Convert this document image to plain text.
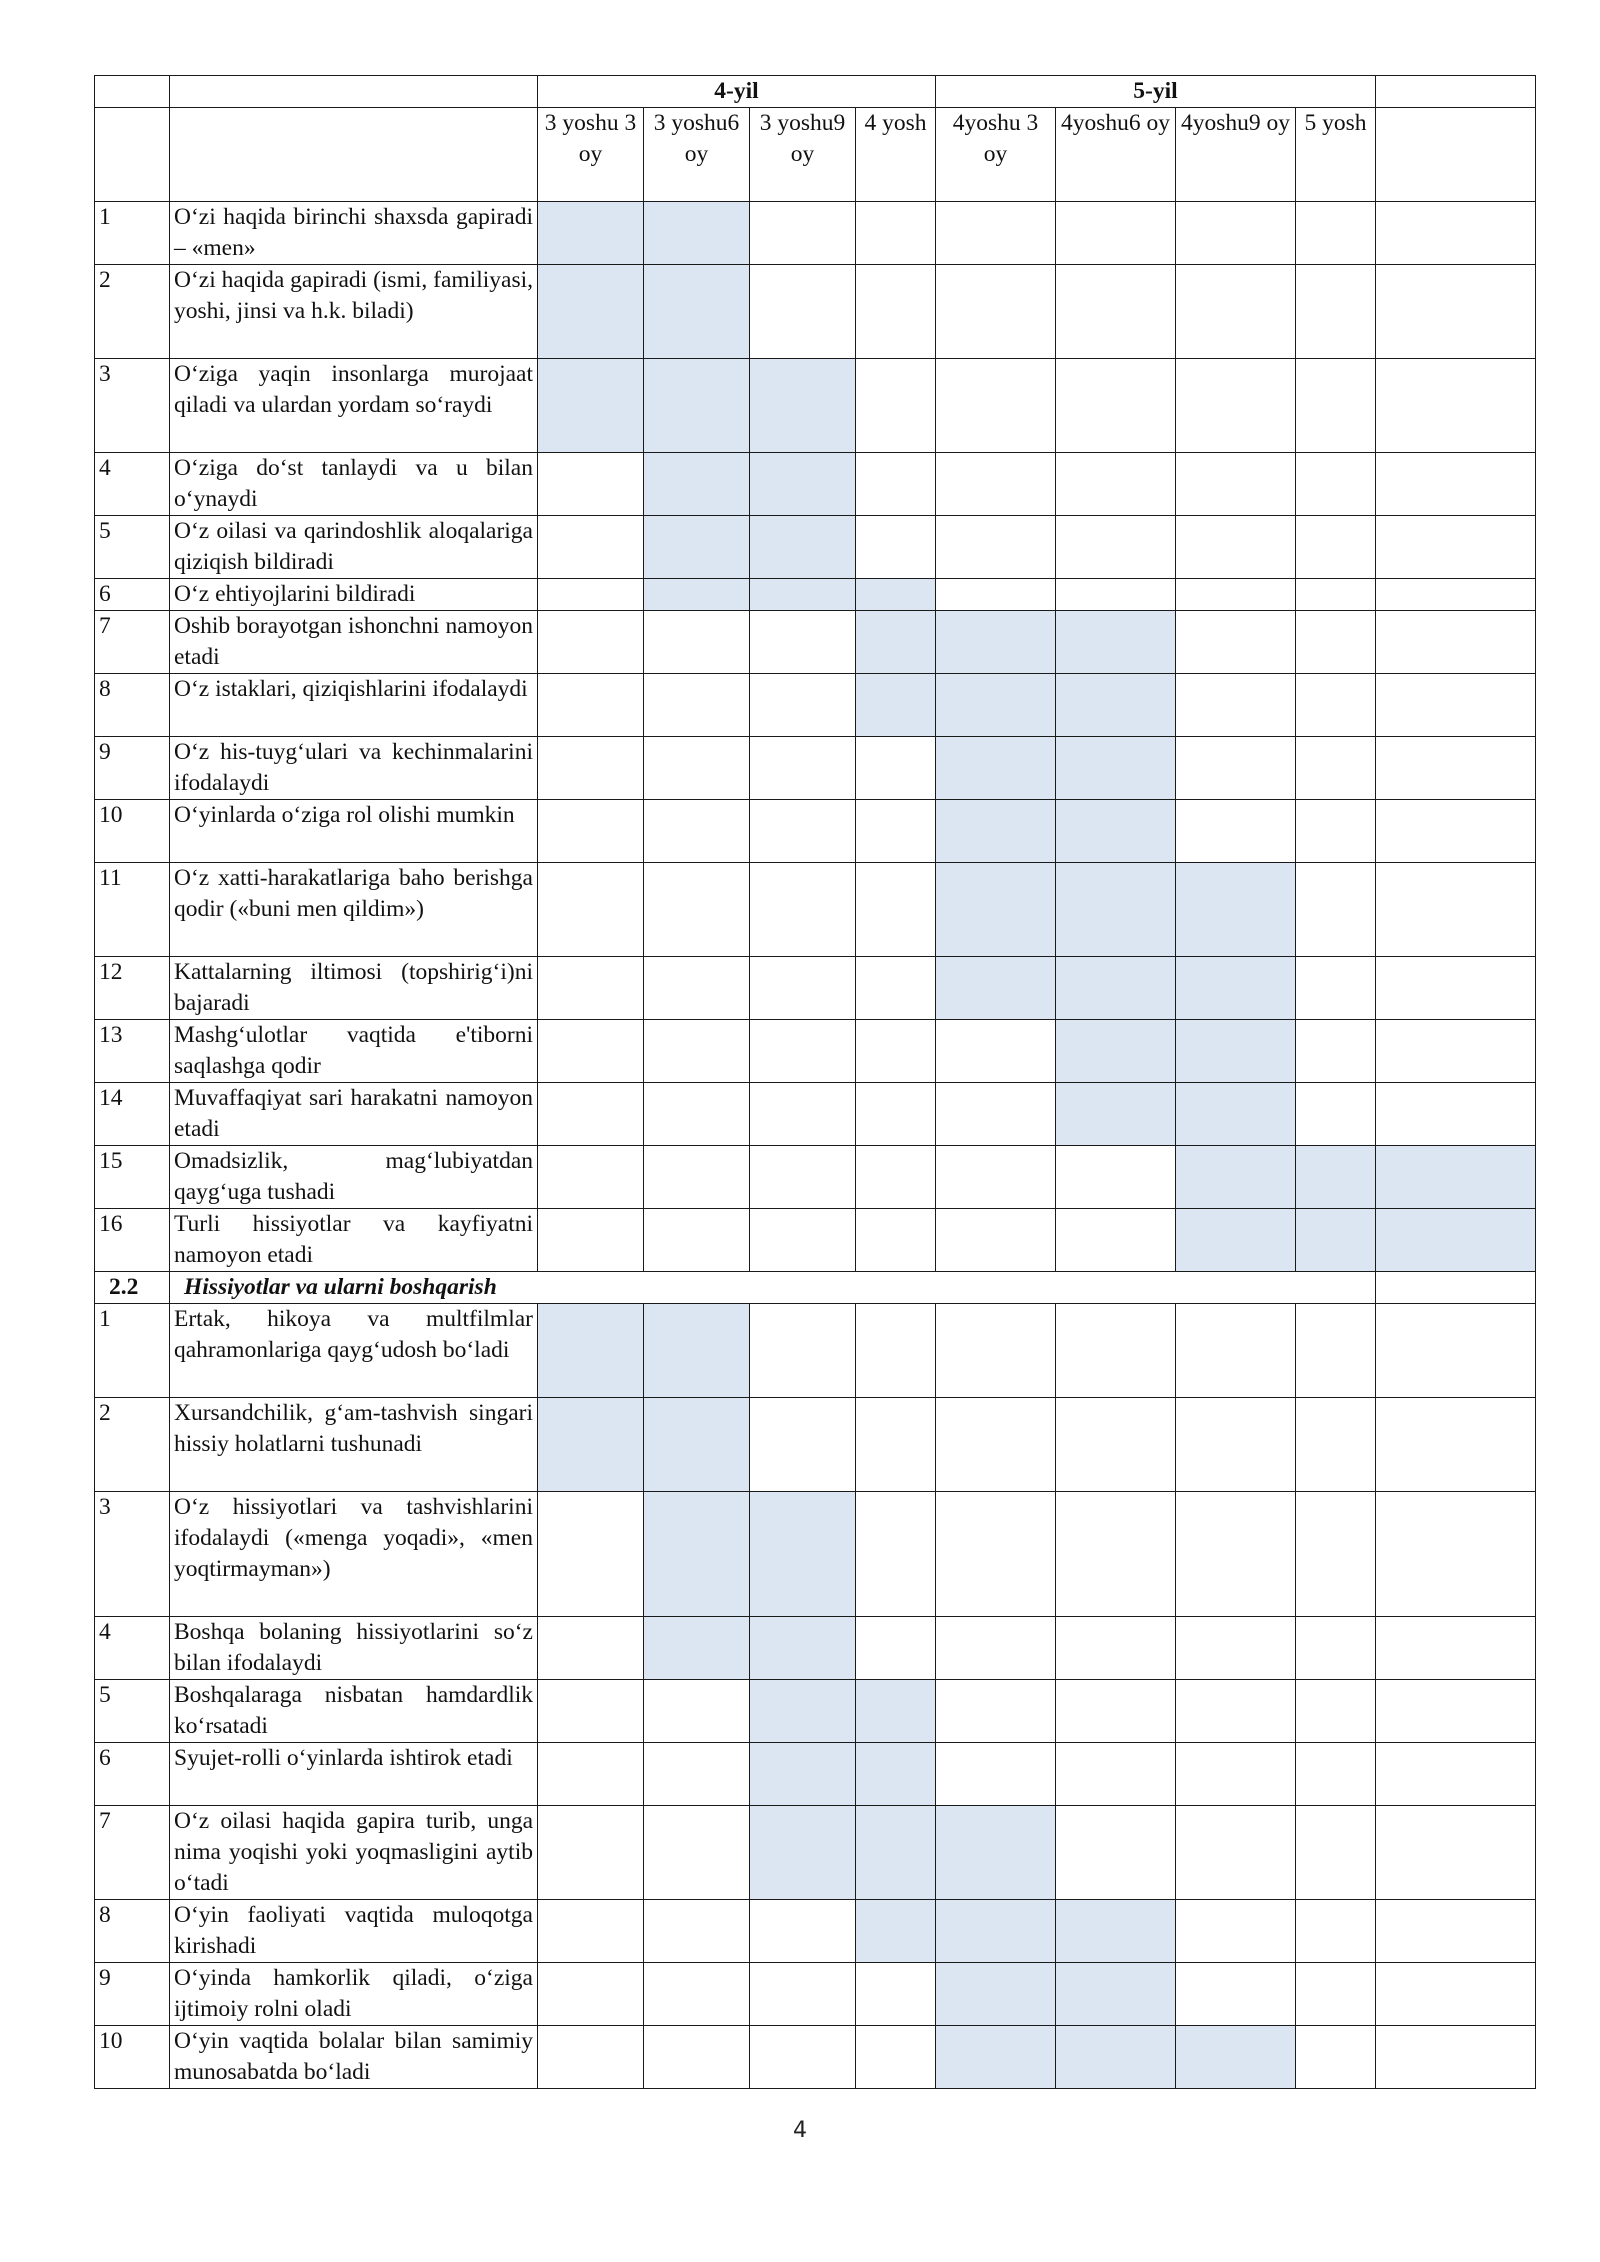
		4-yil				5-yil				
		3 yoshu 3 oy	3 yoshu6 oy	3 yoshu9 oy	4 yosh	4yoshu 3 oy	4yoshu6 oy	4yoshu9 oy	5 yosh	
1	O‘zi haqida birinchi shaxsda gapiradi – «men»									
2	O‘zi haqida gapiradi (ismi, familiyasi, yoshi, jinsi va h.k. biladi)									
3	O‘ziga yaqin insonlarga murojaat qiladi va ulardan yordam so‘raydi									
4	O‘ziga do‘st tanlaydi va u bilan o‘ynaydi									
5	O‘z oilasi va qarindoshlik aloqalariga qiziqish bildiradi									
6	O‘z ehtiyojlarini bildiradi									
7	Oshib borayotgan ishonchni namoyon etadi									
8	O‘z istaklari, qiziqishlarini ifodalaydi									
9	O‘z his-tuyg‘ulari va kechinmalarini ifodalaydi									
10	O‘yinlarda o‘ziga rol olishi mumkin									
11	O‘z xatti-harakatlariga baho berishga qodir («buni men qildim»)									
12	Kattalarning iltimosi (topshirig‘i)ni bajaradi									
13	Mashg‘ulotlar vaqtida e'tiborni saqlashga qodir									
14	Muvaffaqiyat sari harakatni namoyon etadi									
15	Omadsizlik, mag‘lubiyatdan qayg‘uga tushadi									
16	Turli hissiyotlar va kayfiyatni namoyon etadi									
2.2	Hissiyotlar va ularni boshqarish									
1	Ertak, hikoya va multfilmlar qahramonlariga qayg‘udosh bo‘ladi									
2	Xursandchilik, g‘am-tashvish singari hissiy holatlarni tushunadi									
3	O‘z hissiyotlari va tashvishlarini ifodalaydi («menga yoqadi», «men yoqtirmayman»)									
4	Boshqa bolaning hissiyotlarini so‘z bilan ifodalaydi									
5	Boshqalaraga nisbatan hamdardlik ko‘rsatadi									
6	Syujet-rolli o‘yinlarda ishtirok etadi									
7	O‘z oilasi haqida gapira turib, unga nima yoqishi yoki yoqmasligini aytib o‘tadi									
8	O‘yin faoliyati vaqtida muloqotga kirishadi									
9	O‘yinda hamkorlik qiladi, o‘ziga ijtimoiy rolni oladi									
10	O‘yin vaqtida bolalar bilan samimiy munosabatda bo‘ladi									
4
